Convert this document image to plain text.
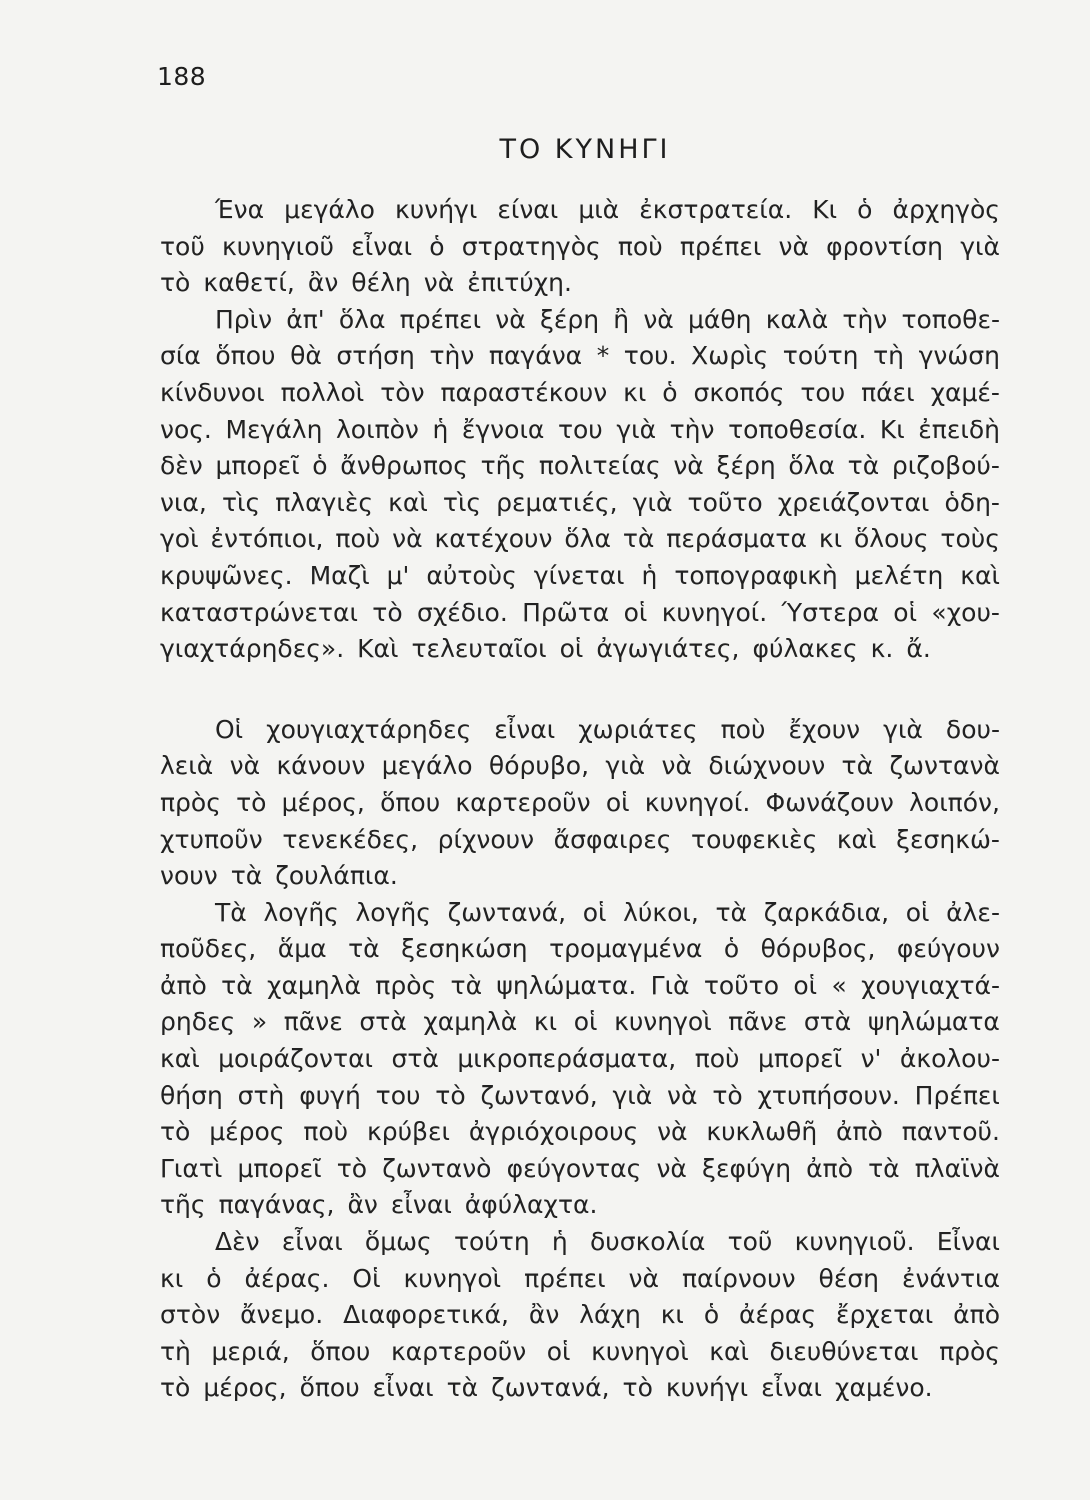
188
ΤΟ ΚΥΝΗΓΙ
Ένα μεγάλο κυνήγι είναι μιὰ ἐκστρατεία. Κι ὁ ἀρχηγὸς
τοῦ κυνηγιοῦ εἶναι ὁ στρατηγὸς ποὺ πρέπει νὰ φροντίση γιὰ
τὸ καθετί, ἂν θέλη νὰ ἐπιτύχη.
Πρὶν ἀπ' ὅλα πρέπει νὰ ξέρη ἢ νὰ μάθη καλὰ τὴν τοποθε-
σία ὅπου θὰ στήση τὴν παγάνα * του. Χωρὶς τούτη τὴ γνώση
κίνδυνοι πολλοὶ τὸν παραστέκουν κι ὁ σκοπός του πάει χαμέ-
νος. Μεγάλη λοιπὸν ἡ ἔγνοια του γιὰ τὴν τοποθεσία. Κι ἐπειδὴ
δὲν μπορεῖ ὁ ἄνθρωπος τῆς πολιτείας νὰ ξέρη ὅλα τὰ ριζοβού-
νια, τὶς πλαγιὲς καὶ τὶς ρεματιές, γιὰ τοῦτο χρειάζονται ὁδη-
γοὶ ἐντόπιοι, ποὺ νὰ κατέχουν ὅλα τὰ περάσματα κι ὅλους τοὺς
κρυψῶνες. Μαζὶ μ' αὐτοὺς γίνεται ἡ τοπογραφικὴ μελέτη καὶ
καταστρώνεται τὸ σχέδιο. Πρῶτα οἱ κυνηγοί. Ύστερα οἱ «χου-
γιαχτάρηδες». Καὶ τελευταῖοι οἱ ἀγωγιάτες, φύλακες κ. ἄ.
Οἱ χουγιαχτάρηδες εἶναι χωριάτες ποὺ ἔχουν γιὰ δου-
λειὰ νὰ κάνουν μεγάλο θόρυβο, γιὰ νὰ διώχνουν τὰ ζωντανὰ
πρὸς τὸ μέρος, ὅπου καρτεροῦν οἱ κυνηγοί. Φωνάζουν λοιπόν,
χτυποῦν τενεκέδες, ρίχνουν ἄσφαιρες τουφεκιὲς καὶ ξεσηκώ-
νουν τὰ ζουλάπια.
Τὰ λογῆς λογῆς ζωντανά, οἱ λύκοι, τὰ ζαρκάδια, οἱ ἀλε-
ποῦδες, ἅμα τὰ ξεσηκώση τρομαγμένα ὁ θόρυβος, φεύγουν
ἀπὸ τὰ χαμηλὰ πρὸς τὰ ψηλώματα. Γιὰ τοῦτο οἱ « χουγιαχτά-
ρηδες » πᾶνε στὰ χαμηλὰ κι οἱ κυνηγοὶ πᾶνε στὰ ψηλώματα
καὶ μοιράζονται στὰ μικροπεράσματα, ποὺ μπορεῖ ν' ἀκολου-
θήση στὴ φυγή του τὸ ζωντανό, γιὰ νὰ τὸ χτυπήσουν. Πρέπει
τὸ μέρος ποὺ κρύβει ἀγριόχοιρους νὰ κυκλωθῆ ἀπὸ παντοῦ.
Γιατὶ μπορεῖ τὸ ζωντανὸ φεύγοντας νὰ ξεφύγη ἀπὸ τὰ πλαϊνὰ
τῆς παγάνας, ἂν εἶναι ἀφύλαχτα.
Δὲν εἶναι ὅμως τούτη ἡ δυσκολία τοῦ κυνηγιοῦ. Εἶναι
κι ὁ ἀέρας. Οἱ κυνηγοὶ πρέπει νὰ παίρνουν θέση ἐνάντια
στὸν ἄνεμο. Διαφορετικά, ἂν λάχη κι ὁ ἀέρας ἔρχεται ἀπὸ
τὴ μεριά, ὅπου καρτεροῦν οἱ κυνηγοὶ καὶ διευθύνεται πρὸς
τὸ μέρος, ὅπου εἶναι τὰ ζωντανά, τὸ κυνήγι εἶναι χαμένο.
